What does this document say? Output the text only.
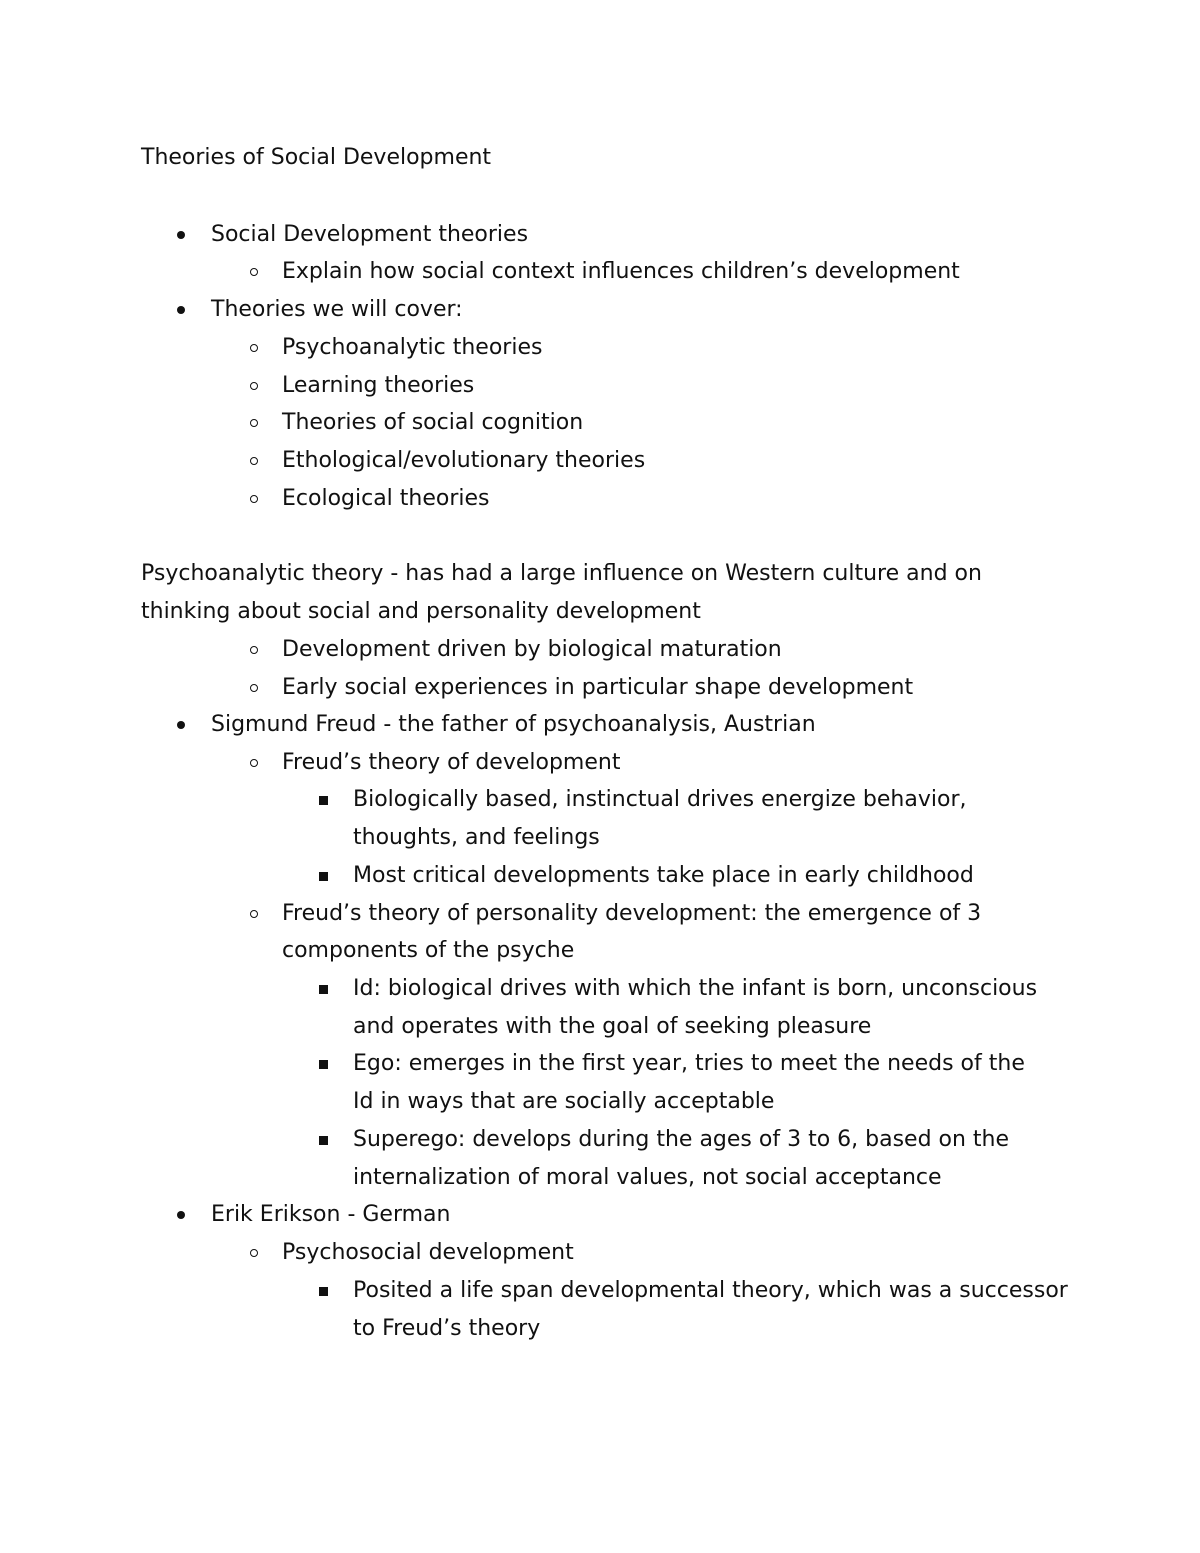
Theories of Social Development
Social Development theories
Explain how social context influences children’s development
Theories we will cover:
Psychoanalytic theories
Learning theories
Theories of social cognition
Ethological/evolutionary theories
Ecological theories
Psychoanalytic theory - has had a large influence on Western culture and on
thinking about social and personality development
Development driven by biological maturation
Early social experiences in particular shape development
Sigmund Freud - the father of psychoanalysis, Austrian
Freud’s theory of development
Biologically based, instinctual drives energize behavior,
thoughts, and feelings
Most critical developments take place in early childhood
Freud’s theory of personality development: the emergence of 3
components of the psyche
Id: biological drives with which the infant is born, unconscious
and operates with the goal of seeking pleasure
Ego: emerges in the first year, tries to meet the needs of the
Id in ways that are socially acceptable
Superego: develops during the ages of 3 to 6, based on the
internalization of moral values, not social acceptance
Erik Erikson - German
Psychosocial development
Posited a life span developmental theory, which was a successor
to Freud’s theory
